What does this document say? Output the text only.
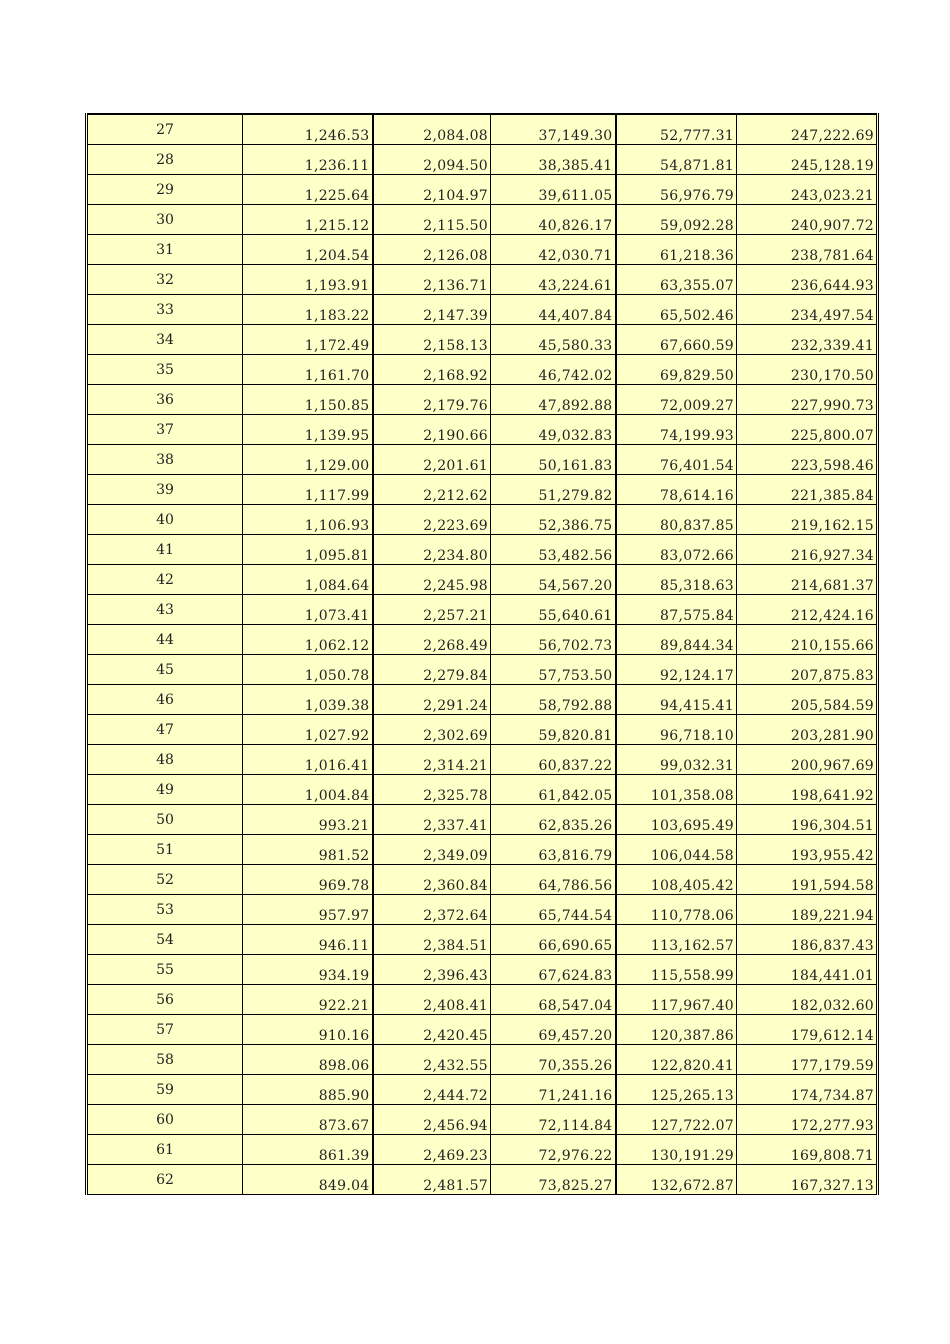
27	1,246.53	2,084.08	37,149.30	52,777.31	247,222.69
28	1,236.11	2,094.50	38,385.41	54,871.81	245,128.19
29	1,225.64	2,104.97	39,611.05	56,976.79	243,023.21
30	1,215.12	2,115.50	40,826.17	59,092.28	240,907.72
31	1,204.54	2,126.08	42,030.71	61,218.36	238,781.64
32	1,193.91	2,136.71	43,224.61	63,355.07	236,644.93
33	1,183.22	2,147.39	44,407.84	65,502.46	234,497.54
34	1,172.49	2,158.13	45,580.33	67,660.59	232,339.41
35	1,161.70	2,168.92	46,742.02	69,829.50	230,170.50
36	1,150.85	2,179.76	47,892.88	72,009.27	227,990.73
37	1,139.95	2,190.66	49,032.83	74,199.93	225,800.07
38	1,129.00	2,201.61	50,161.83	76,401.54	223,598.46
39	1,117.99	2,212.62	51,279.82	78,614.16	221,385.84
40	1,106.93	2,223.69	52,386.75	80,837.85	219,162.15
41	1,095.81	2,234.80	53,482.56	83,072.66	216,927.34
42	1,084.64	2,245.98	54,567.20	85,318.63	214,681.37
43	1,073.41	2,257.21	55,640.61	87,575.84	212,424.16
44	1,062.12	2,268.49	56,702.73	89,844.34	210,155.66
45	1,050.78	2,279.84	57,753.50	92,124.17	207,875.83
46	1,039.38	2,291.24	58,792.88	94,415.41	205,584.59
47	1,027.92	2,302.69	59,820.81	96,718.10	203,281.90
48	1,016.41	2,314.21	60,837.22	99,032.31	200,967.69
49	1,004.84	2,325.78	61,842.05	101,358.08	198,641.92
50	993.21	2,337.41	62,835.26	103,695.49	196,304.51
51	981.52	2,349.09	63,816.79	106,044.58	193,955.42
52	969.78	2,360.84	64,786.56	108,405.42	191,594.58
53	957.97	2,372.64	65,744.54	110,778.06	189,221.94
54	946.11	2,384.51	66,690.65	113,162.57	186,837.43
55	934.19	2,396.43	67,624.83	115,558.99	184,441.01
56	922.21	2,408.41	68,547.04	117,967.40	182,032.60
57	910.16	2,420.45	69,457.20	120,387.86	179,612.14
58	898.06	2,432.55	70,355.26	122,820.41	177,179.59
59	885.90	2,444.72	71,241.16	125,265.13	174,734.87
60	873.67	2,456.94	72,114.84	127,722.07	172,277.93
61	861.39	2,469.23	72,976.22	130,191.29	169,808.71
62	849.04	2,481.57	73,825.27	132,672.87	167,327.13
